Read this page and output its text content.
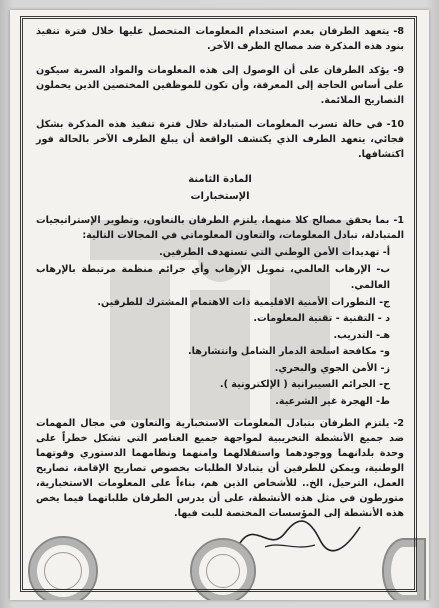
8-يتعهد الطرفان بعدم استخدام المعلومات المتحصل عليها خلال فترة تنفيذ بنود هذه المذكرة ضد مصالح الطرف الآخر.
9-يؤكد الطرفان على أن الوصول إلى هذه المعلومات والمواد السرية سيكون على أساس الحاجة إلى المعرفة، وأن تكون للموظفين المختصين الذين يحملون التصاريح الملائمة.
10-في حالة تسرب المعلومات المتبادلة خلال فترة تنفيذ هذه المذكرة بشكل فجائي، يتعهد الطرف الذي يكتشف الواقعة أن يبلغ الطرف الآخر بالحالة فور اكتشافها.
المادة الثامنة
الإستخبارات
1-بما يحقق مصالح كلا منهما، يلتزم الطرفان بالتعاون، وتطوير الإستراتيجيات المتبادلة، تبادل المعلومات، والتعاون المعلوماتي في المجالات التالية:
أ- تهديدات الأمن الوطني التي تستهدف الطرفين.
ب- الإرهاب العالمي، تمويل الإرهاب وأي جرائم منظمة مرتبطة بالإرهاب العالمي.
ج- التطورات الأمنية الاقليمية ذات الاهتمام المشترك للطرفين.
د - التقنية - تقنية المعلومات.
هـ- التدريب.
و- مكافحة اسلحة الدمار الشامل وانتشارها.
ز- الأمن الجوي والبحري.
ح- الجرائم السيبرانية ( الإلكترونية ).
ط- الهجرة غير الشرعية.
2-يلتزم الطرفان بتبادل المعلومات الاستخبارية والتعاون في مجال المهمات ضد جميع الأنشطة التخريبية لمواجهة جميع العناصر التي تشكل خطراً على وحدة بلدانهما ووجودهما واستقلالهما وامنهما ونظامهما الدستوري وقوتهما الوطنية، ويمكن للطرفين أن يتبادلا الطلبات بخصوص تصاريح الإقامة، تصاريح العمل، الترحيل، الخ.. للأشخاص الذين هم، بناءاً على المعلومات الاستخبارية، متورطون في مثل هذه الأنشطة، على أن يدرس الطرفان طلباتهما فيما يخص هذه الأنشطة إلى المؤسسات المختصة للبت فيها.
